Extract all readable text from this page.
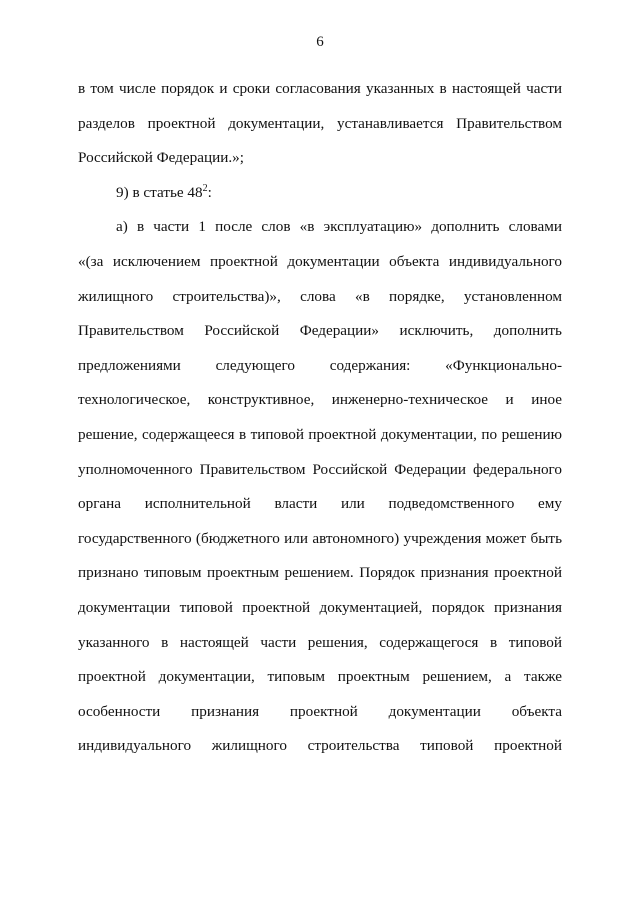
6
в том числе порядок и сроки согласования указанных в настоящей части
разделов проектной документации, устанавливается Правительством
Российской Федерации.»;
9) в статье $48^2$:
а) в части 1 после слов «в эксплуатацию» дополнить словами
«(за исключением проектной документации объекта индивидуального
жилищного строительства)», слова «в порядке, установленном
Правительством Российской Федерации» исключить, дополнить
предложениями следующего содержания: «Функционально-
технологическое, конструктивное, инженерно-техническое и иное
решение, содержащееся в типовой проектной документации, по решению
уполномоченного Правительством Российской Федерации федерального
органа исполнительной власти или подведомственного ему
государственного (бюджетного или автономного) учреждения может быть
признано типовым проектным решением. Порядок признания проектной
документации типовой проектной документацией, порядок признания
указанного в настоящей части решения, содержащегося в типовой
проектной документации, типовым проектным решением, а также
особенности признания проектной документации объекта
индивидуального жилищного строительства типовой проектной
